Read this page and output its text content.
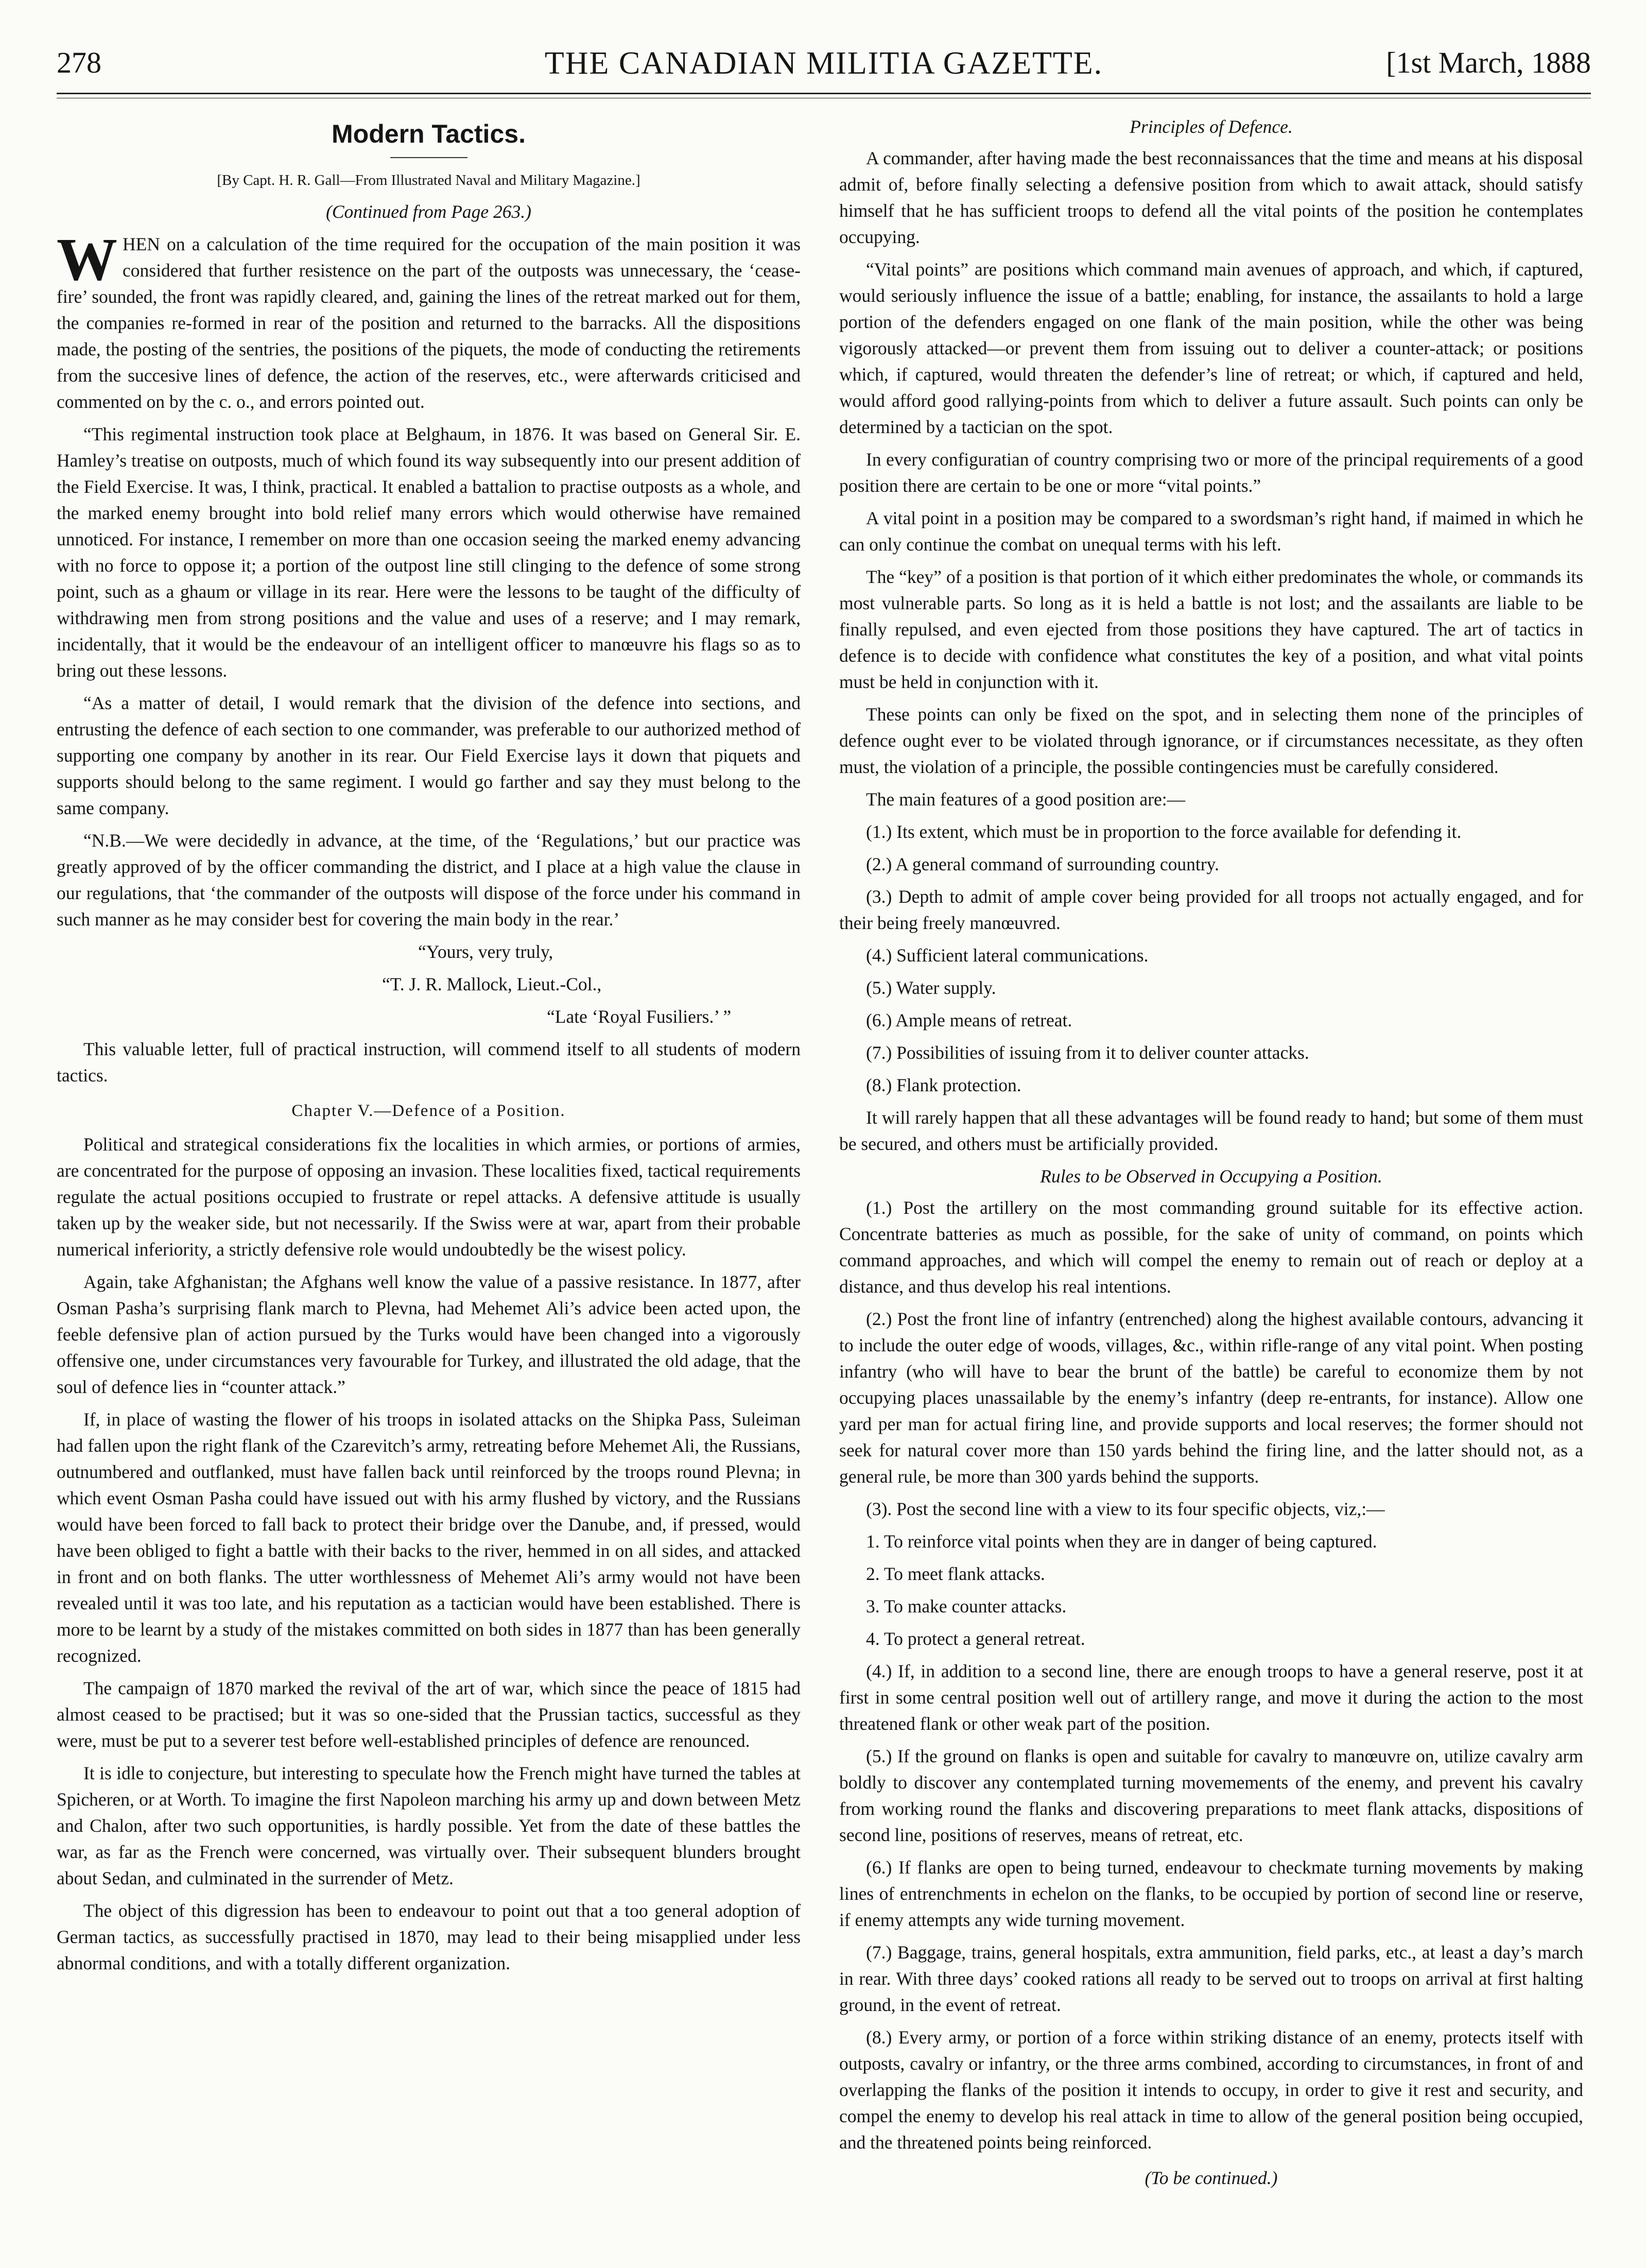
278	THE CANADIAN MILITIA GAZETTE.	[1st March, 1888
Modern Tactics.
[By Capt. H. R. Gall—From Illustrated Naval and Military Magazine.]
(Continued from Page 263.)

WHEN on a calculation of the time required for the occupation of the main position it was considered that further resistence on the part of the outposts was unnecessary, the ‘cease-fire’ sounded, the front was rapidly cleared, and, gaining the lines of the retreat marked out for them, the companies re-formed in rear of the position and returned to the barracks. All the dispositions made, the posting of the sentries, the positions of the piquets, the mode of conducting the retirements from the succesive lines of defence, the action of the reserves, etc., were afterwards criticised and commented on by the c. o., and errors pointed out.

“This regimental instruction took place at Belghaum, in 1876. It was based on General Sir. E. Hamley’s treatise on outposts, much of which found its way subsequently into our present addition of the Field Exercise. It was, I think, practical. It enabled a battalion to practise outposts as a whole, and the marked enemy brought into bold relief many errors which would otherwise have remained unnoticed. For instance, I remember on more than one occasion seeing the marked enemy advancing with no force to oppose it; a portion of the outpost line still clinging to the defence of some strong point, such as a ghaum or village in its rear. Here were the lessons to be taught of the difficulty of withdrawing men from strong positions and the value and uses of a reserve; and I may remark, incidentally, that it would be the endeavour of an intelligent officer to manœuvre his flags so as to bring out these lessons.

“As a matter of detail, I would remark that the division of the defence into sections, and entrusting the defence of each section to one commander, was preferable to our authorized method of supporting one company by another in its rear. Our Field Exercise lays it down that piquets and supports should belong to the same regiment. I would go farther and say they must belong to the same company.

“N.B.—We were decidedly in advance, at the time, of the ‘Regulations,’ but our practice was greatly approved of by the officer commanding the district, and I place at a high value the clause in our regulations, that ‘the commander of the outposts will dispose of the force under his command in such manner as he may consider best for covering the main body in the rear.’

“Yours, very truly,

“T. J. R. Mallock, Lieut.-Col.,

“Late ‘Royal Fusiliers.’ ”

This valuable letter, full of practical instruction, will commend itself to all students of modern tactics.

Chapter V.—Defence of a Position.

Political and strategical considerations fix the localities in which armies, or portions of armies, are concentrated for the purpose of opposing an invasion. These localities fixed, tactical requirements regulate the actual positions occupied to frustrate or repel attacks. A defensive attitude is usually taken up by the weaker side, but not necessarily. If the Swiss were at war, apart from their probable numerical inferiority, a strictly defensive role would undoubtedly be the wisest policy.

Again, take Afghanistan; the Afghans well know the value of a passive resistance. In 1877, after Osman Pasha’s surprising flank march to Plevna, had Mehemet Ali’s advice been acted upon, the feeble defensive plan of action pursued by the Turks would have been changed into a vigorously offensive one, under circumstances very favourable for Turkey, and illustrated the old adage, that the soul of defence lies in “counter attack.”

If, in place of wasting the flower of his troops in isolated attacks on the Shipka Pass, Suleiman had fallen upon the right flank of the Czarevitch’s army, retreating before Mehemet Ali, the Russians, outnumbered and outflanked, must have fallen back until reinforced by the troops round Plevna; in which event Osman Pasha could have issued out with his army flushed by victory, and the Russians would have been forced to fall back to protect their bridge over the Danube, and, if pressed, would have been obliged to fight a battle with their backs to the river, hemmed in on all sides, and attacked in front and on both flanks. The utter worthlessness of Mehemet Ali’s army would not have been revealed until it was too late, and his reputation as a tactician would have been established. There is more to be learnt by a study of the mistakes committed on both sides in 1877 than has been generally recognized.

The campaign of 1870 marked the revival of the art of war, which since the peace of 1815 had almost ceased to be practised; but it was so one-sided that the Prussian tactics, successful as they were, must be put to a severer test before well-established principles of defence are renounced.

It is idle to conjecture, but interesting to speculate how the French might have turned the tables at Spicheren, or at Worth. To imagine the first Napoleon marching his army up and down between Metz and Chalon, after two such opportunities, is hardly possible. Yet from the date of these battles the war, as far as the French were concerned, was virtually over. Their subsequent blunders brought about Sedan, and culminated in the surrender of Metz.

The object of this digression has been to endeavour to point out that a too general adoption of German tactics, as successfully practised in 1870, may lead to their being misapplied under less abnormal conditions, and with a totally different organization.

Principles of Defence.

A commander, after having made the best reconnaissances that the time and means at his disposal admit of, before finally selecting a defensive position from which to await attack, should satisfy himself that he has sufficient troops to defend all the vital points of the position he contemplates occupying.

“Vital points” are positions which command main avenues of approach, and which, if captured, would seriously influence the issue of a battle; enabling, for instance, the assailants to hold a large portion of the defenders engaged on one flank of the main position, while the other was being vigorously attacked—or prevent them from issuing out to deliver a counter-attack; or positions which, if captured, would threaten the defender’s line of retreat; or which, if captured and held, would afford good rallying-points from which to deliver a future assault. Such points can only be determined by a tactician on the spot.

In every configuratian of country comprising two or more of the principal requirements of a good position there are certain to be one or more “vital points.”

A vital point in a position may be compared to a swordsman’s right hand, if maimed in which he can only continue the combat on unequal terms with his left.

The “key” of a position is that portion of it which either predominates the whole, or commands its most vulnerable parts. So long as it is held a battle is not lost; and the assailants are liable to be finally repulsed, and even ejected from those positions they have captured. The art of tactics in defence is to decide with confidence what constitutes the key of a position, and what vital points must be held in conjunction with it.

These points can only be fixed on the spot, and in selecting them none of the principles of defence ought ever to be violated through ignorance, or if circumstances necessitate, as they often must, the violation of a principle, the possible contingencies must be carefully considered.

The main features of a good position are:—

(1.) Its extent, which must be in proportion to the force available for defending it.

(2.) A general command of surrounding country.

(3.) Depth to admit of ample cover being provided for all troops not actually engaged, and for their being freely manœuvred.

(4.) Sufficient lateral communications.

(5.) Water supply.

(6.) Ample means of retreat.

(7.) Possibilities of issuing from it to deliver counter attacks.

(8.) Flank protection.

It will rarely happen that all these advantages will be found ready to hand; but some of them must be secured, and others must be artificially provided.

Rules to be Observed in Occupying a Position.

(1.) Post the artillery on the most commanding ground suitable for its effective action. Concentrate batteries as much as possible, for the sake of unity of command, on points which command approaches, and which will compel the enemy to remain out of reach or deploy at a distance, and thus develop his real intentions.

(2.) Post the front line of infantry (entrenched) along the highest available contours, advancing it to include the outer edge of woods, villages, &c., within rifle-range of any vital point. When posting infantry (who will have to bear the brunt of the battle) be careful to economize them by not occupying places unassailable by the enemy’s infantry (deep re-entrants, for instance). Allow one yard per man for actual firing line, and provide supports and local reserves; the former should not seek for natural cover more than 150 yards behind the firing line, and the latter should not, as a general rule, be more than 300 yards behind the supports.

(3). Post the second line with a view to its four specific objects, viz,:—

1. To reinforce vital points when they are in danger of being captured.

2. To meet flank attacks.

3. To make counter attacks.

4. To protect a general retreat.

(4.) If, in addition to a second line, there are enough troops to have a general reserve, post it at first in some central position well out of artillery range, and move it during the action to the most threatened flank or other weak part of the position.

(5.) If the ground on flanks is open and suitable for cavalry to manœuvre on, utilize cavalry arm boldly to discover any contemplated turning movemements of the enemy, and prevent his cavalry from working round the flanks and discovering preparations to meet flank attacks, dispositions of second line, positions of reserves, means of retreat, etc.

(6.) If flanks are open to being turned, endeavour to checkmate turning movements by making lines of entrenchments in echelon on the flanks, to be occupied by portion of second line or reserve, if enemy attempts any wide turning movement.

(7.) Baggage, trains, general hospitals, extra ammunition, field parks, etc., at least a day’s march in rear. With three days’ cooked rations all ready to be served out to troops on arrival at first halting ground, in the event of retreat.

(8.) Every army, or portion of a force within striking distance of an enemy, protects itself with outposts, cavalry or infantry, or the three arms combined, according to circumstances, in front of and overlapping the flanks of the position it intends to occupy, in order to give it rest and security, and compel the enemy to develop his real attack in time to allow of the general position being occupied, and the threatened points being reinforced.

(To be continued.)
